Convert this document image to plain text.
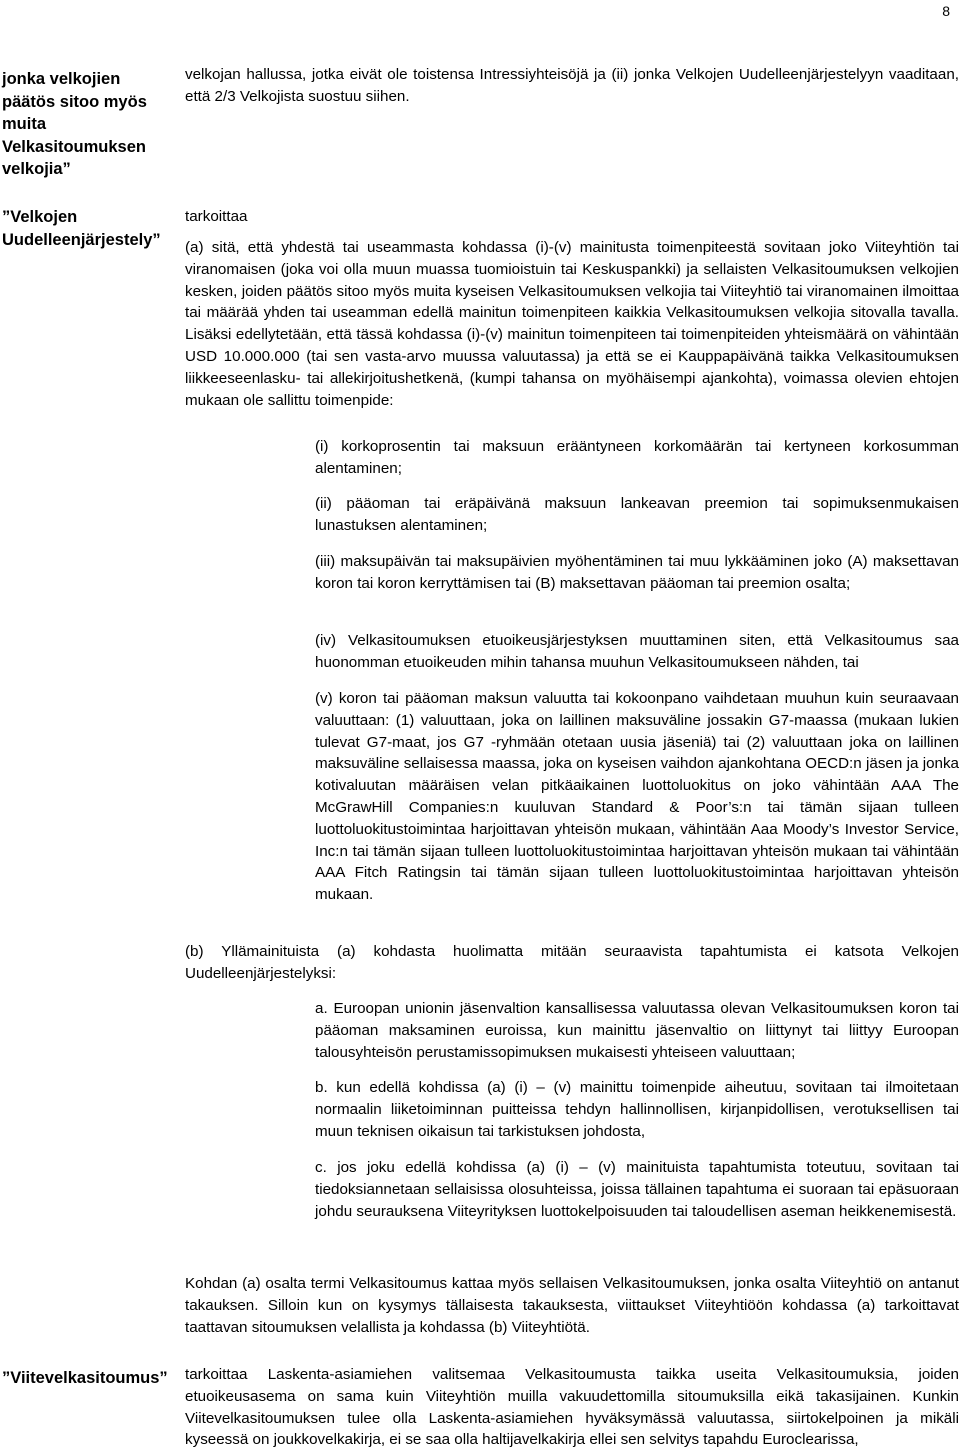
8
jonka velkojien päätös sitoo myös muita Velkasitoumuksen velkojia”
velkojan hallussa, jotka eivät ole toistensa Intressiyhteisöjä ja (ii) jonka Velkojen Uudelleenjärjestelyyn vaaditaan, että 2/3 Velkojista suostuu siihen.
”Velkojen Uudelleenjärjestely”
tarkoittaa
(a) sitä, että yhdestä tai useammasta kohdassa (i)-(v) mainitusta toimenpiteestä sovitaan joko Viiteyhtiön tai viranomaisen (joka voi olla muun muassa tuomioistuin tai Keskuspankki) ja sellaisten Velkasitoumuksen velkojien kesken, joiden päätös sitoo myös muita kyseisen Velkasitoumuksen velkojia tai Viiteyhtiö tai viranomainen ilmoittaa tai määrää yhden tai useamman edellä mainitun toimenpiteen kaikkia Velkasitoumuksen velkojia sitovalla tavalla. Lisäksi edellytetään, että tässä kohdassa (i)-(v) mainitun toimenpiteen tai toimenpiteiden yhteismäärä on vähintään USD 10.000.000 (tai sen vasta-arvo muussa valuutassa) ja että se ei Kauppapäivänä taikka Velkasitoumuksen liikkeeseenlasku- tai allekirjoitushetkenä, (kumpi tahansa on myöhäisempi ajankohta), voimassa olevien ehtojen mukaan ole sallittu toimenpide:
(i) korkoprosentin tai maksuun erääntyneen korkomäärän tai kertyneen korkosumman alentaminen;
(ii) pääoman tai eräpäivänä maksuun lankeavan preemion tai sopimuksenmukaisen lunastuksen alentaminen;
(iii) maksupäivän tai maksupäivien myöhentäminen tai muu lykkääminen joko (A) maksettavan koron tai koron kerryttämisen tai (B) maksettavan pääoman tai preemion osalta;
(iv) Velkasitoumuksen etuoikeusjärjestyksen muuttaminen siten, että Velkasitoumus saa huonomman etuoikeuden mihin tahansa muuhun Velkasitoumukseen nähden, tai
(v) koron tai pääoman maksun valuutta tai kokoonpano vaihdetaan muuhun kuin seuraavaan valuuttaan: (1) valuuttaan, joka on laillinen maksuväline jossakin G7-maassa (mukaan lukien tulevat G7-maat, jos G7 -ryhmään otetaan uusia jäseniä) tai (2) valuuttaan joka on laillinen maksuväline sellaisessa maassa, joka on kyseisen vaihdon ajankohtana OECD:n jäsen ja jonka kotivaluutan määräisen velan pitkäaikainen luottoluokitus on joko vähintään AAA The McGrawHill Companies:n kuuluvan Standard & Poor’s:n tai tämän sijaan tulleen luottoluokitustoimintaa harjoittavan yhteisön mukaan, vähintään Aaa Moody’s Investor Service, Inc:n tai tämän sijaan tulleen luottoluokitustoimintaa harjoittavan yhteisön mukaan tai vähintään AAA Fitch Ratingsin tai tämän sijaan tulleen luottoluokitustoimintaa harjoittavan yhteisön mukaan.
(b) Yllämainituista (a) kohdasta huolimatta mitään seuraavista tapahtumista ei katsota Velkojen Uudelleenjärjestelyksi:
a. Euroopan unionin jäsenvaltion kansallisessa valuutassa olevan Velkasitoumuksen koron tai pääoman maksaminen euroissa, kun mainittu jäsenvaltio on liittynyt tai liittyy Euroopan talousyhteisön perustamissopimuksen mukaisesti yhteiseen valuuttaan;
b. kun edellä kohdissa (a) (i) – (v) mainittu toimenpide aiheutuu, sovitaan tai ilmoitetaan normaalin liiketoiminnan puitteissa tehdyn hallinnollisen, kirjanpidollisen, verotuksellisen tai muun teknisen oikaisun tai tarkistuksen johdosta,
c. jos joku edellä kohdissa (a) (i) – (v) mainituista tapahtumista toteutuu, sovitaan tai tiedoksiannetaan sellaisissa olosuhteissa, joissa tällainen tapahtuma ei suoraan tai epäsuoraan johdu seurauksena Viiteyrityksen luottokelpoisuuden tai taloudellisen aseman heikkenemisestä.
Kohdan (a) osalta termi Velkasitoumus kattaa myös sellaisen Velkasitoumuksen, jonka osalta Viiteyhtiö on antanut takauksen. Silloin kun on kysymys tällaisesta takauksesta, viittaukset Viiteyhtiöön kohdassa (a) tarkoittavat taattavan sitoumuksen velallista ja kohdassa (b) Viiteyhtiötä.
”Viitevelkasitoumus” tarkoittaa Laskenta-asiamiehen valitsemaa Velkasitoumusta taikka useita Velkasitoumuksia, joiden etuoikeusasema on sama kuin Viiteyhtiön muilla vakuudettomilla sitoumuksilla eikä takasijainen. Kunkin Viitevelkasitoumuksen tulee olla Laskenta-asiamiehen hyväksymässä valuutassa, siirtokelpoinen ja mikäli kyseessä on joukkovelkakirja, ei se saa olla haltijavelkakirja ellei sen selvitys tapahdu Euroclearissa,
